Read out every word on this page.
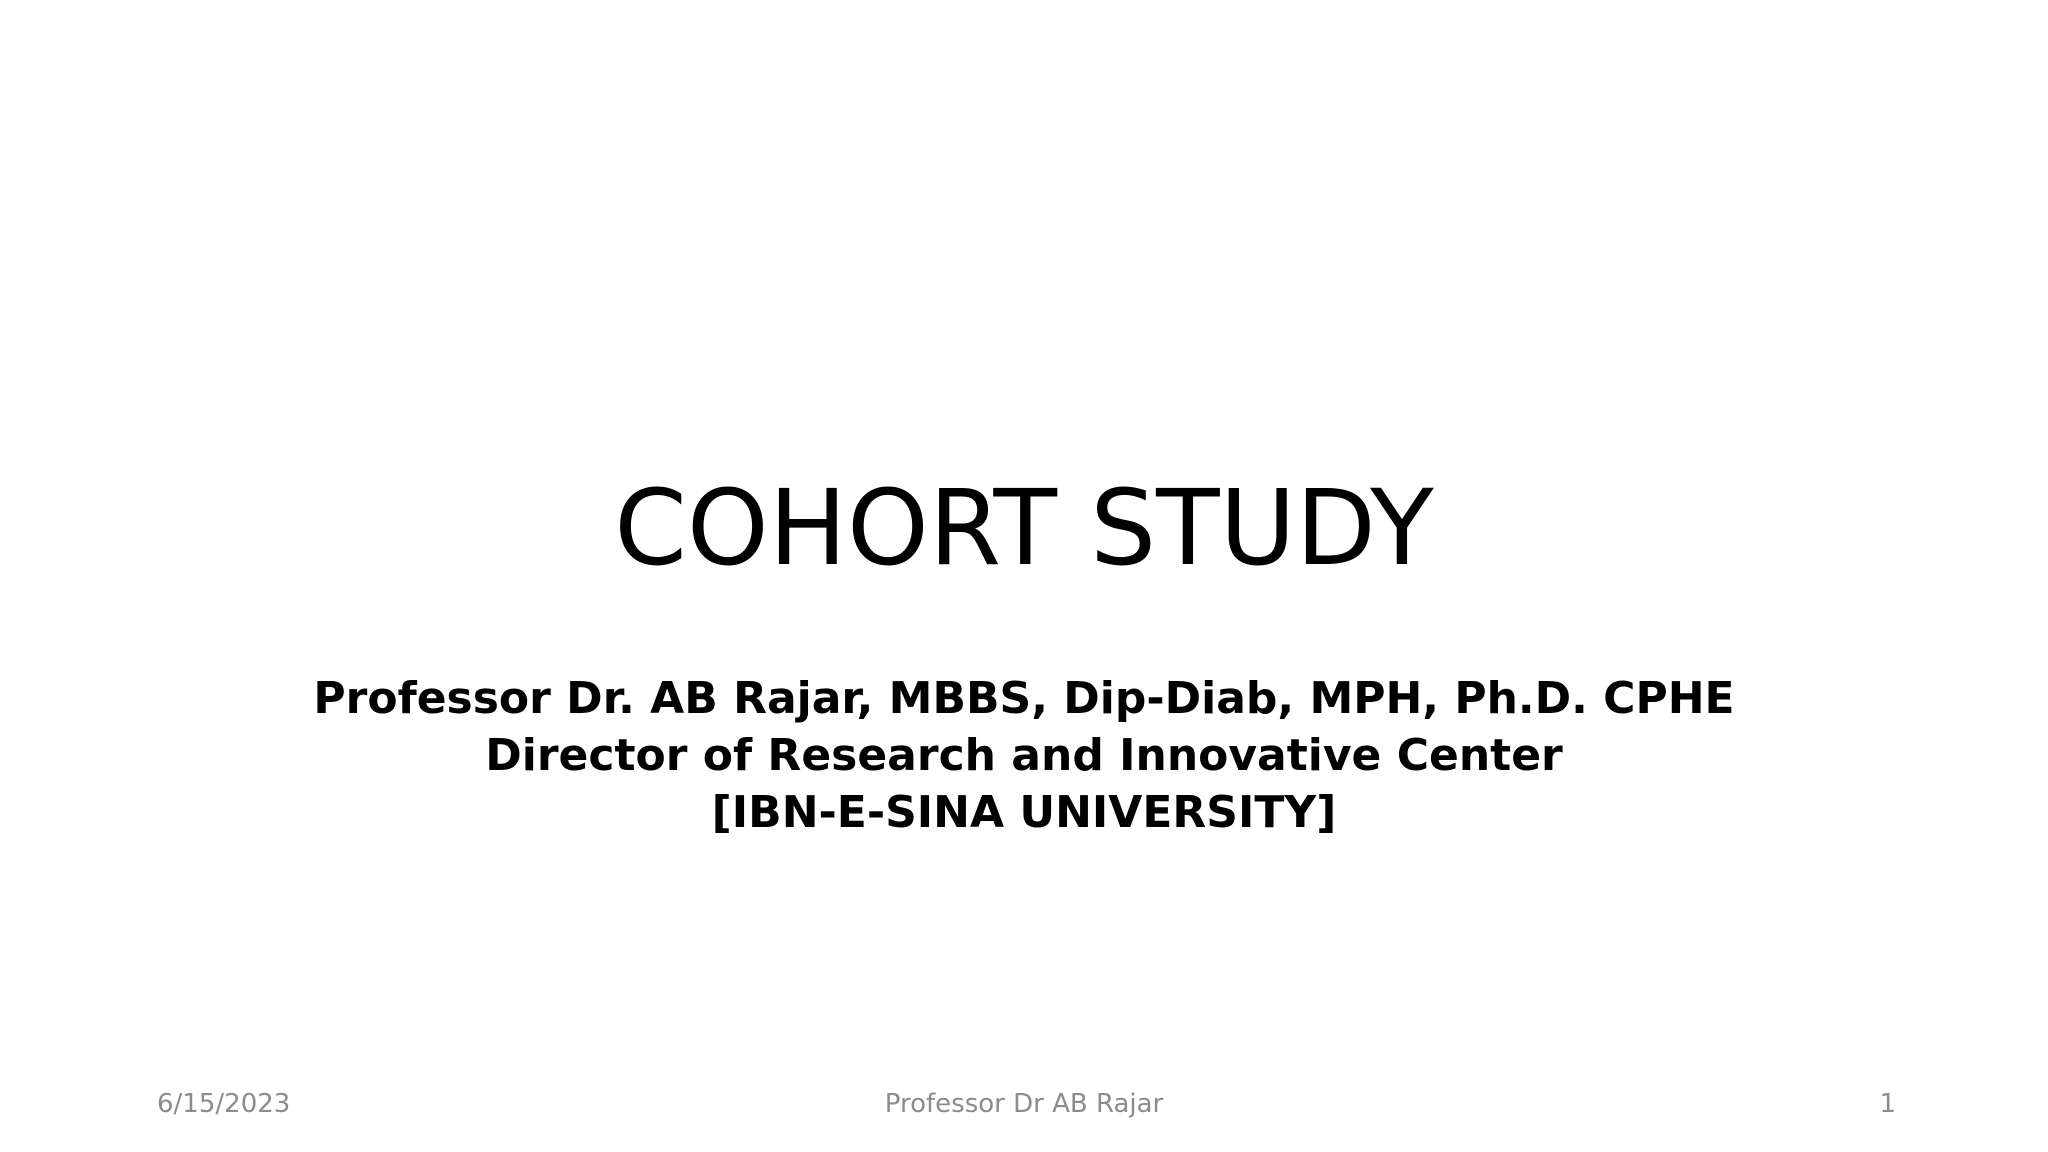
COHORT STUDY
Professor Dr. AB Rajar, MBBS, Dip-Diab, MPH, Ph.D. CPHE
Director of Research and Innovative Center
[IBN-E-SINA UNIVERSITY]
6/15/2023	Professor Dr AB Rajar	1
